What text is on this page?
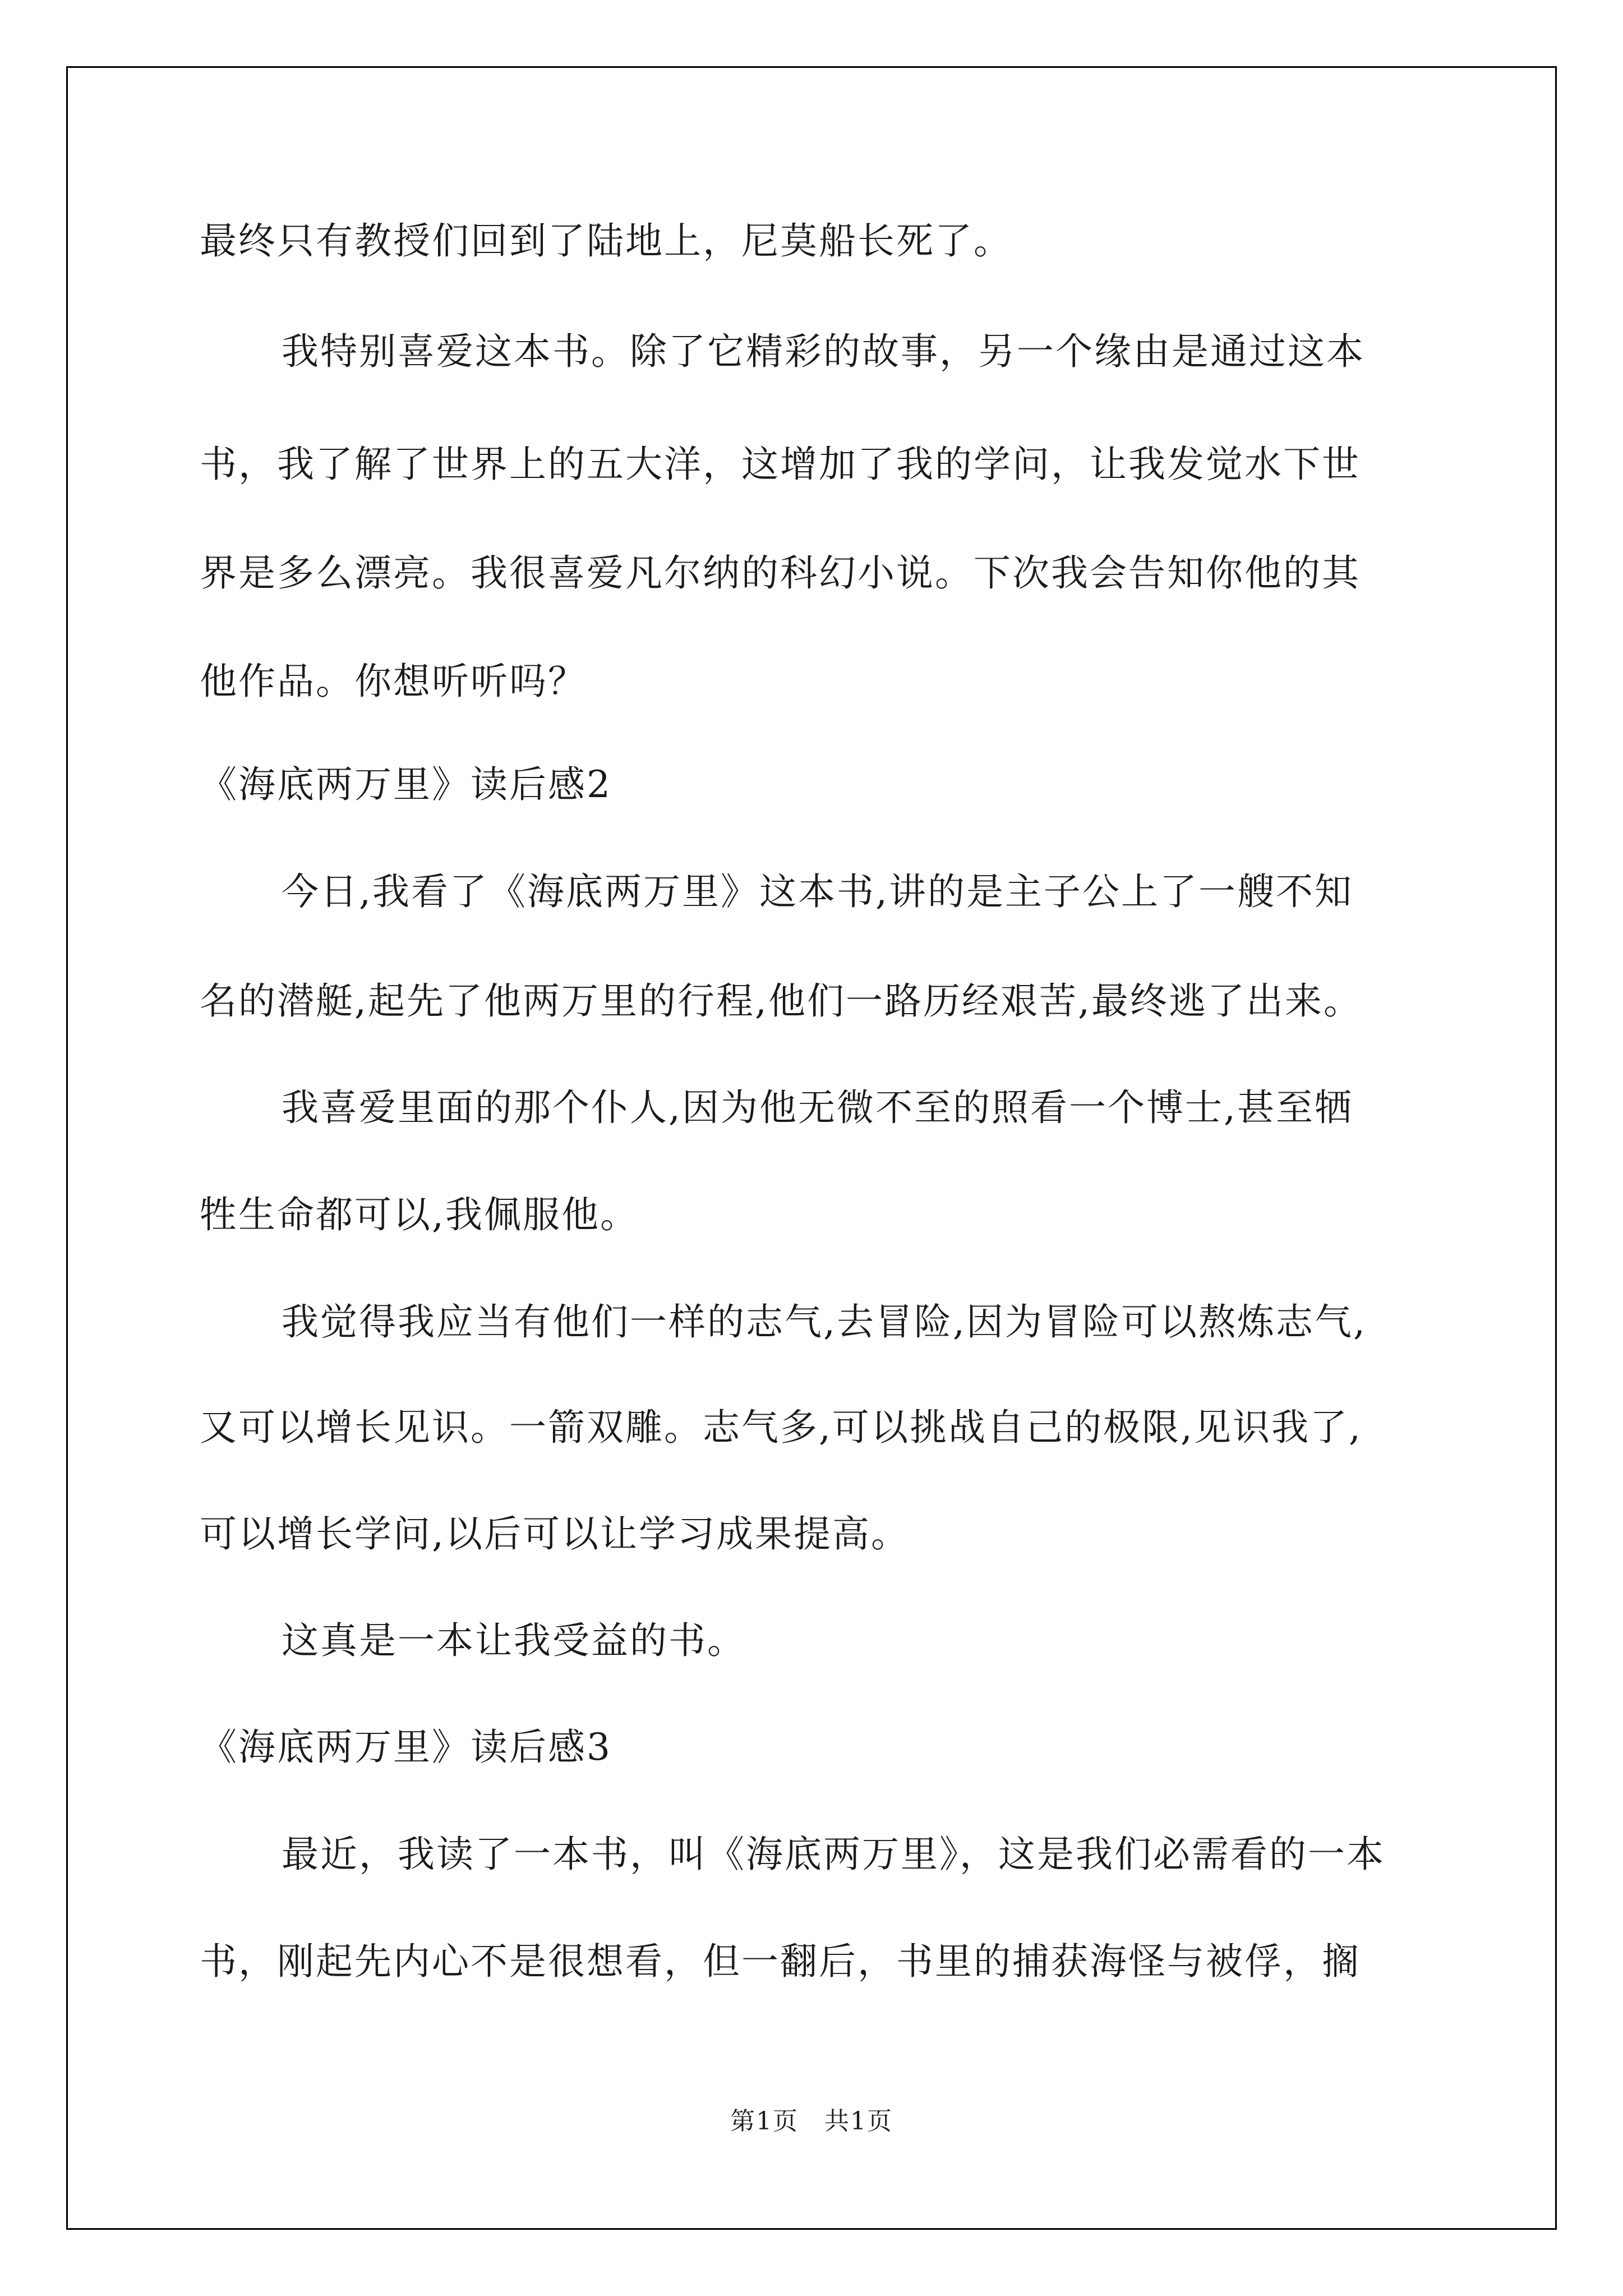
最终只有教授们回到了陆地上，尼莫船长死了。
我特别喜爱这本书。除了它精彩的故事，另一个缘由是通过这本
书，我了解了世界上的五大洋，这增加了我的学问，让我发觉水下世
界是多么漂亮。我很喜爱凡尔纳的科幻小说。下次我会告知你他的其
他作品。你想听听吗？
《海底两万里》读后感2
今日,我看了《海底两万里》这本书,讲的是主子公上了一艘不知
名的潜艇,起先了他两万里的行程,他们一路历经艰苦,最终逃了出来。
我喜爱里面的那个仆人,因为他无微不至的照看一个博士,甚至牺
牲生命都可以,我佩服他。
我觉得我应当有他们一样的志气,去冒险,因为冒险可以熬炼志气,
又可以增长见识。一箭双雕。志气多,可以挑战自己的极限,见识我了,
可以增长学问,以后可以让学习成果提高。
这真是一本让我受益的书。
《海底两万里》读后感3
最近，我读了一本书，叫《海底两万里》，这是我们必需看的一本
书，刚起先内心不是很想看，但一翻后，书里的捕获海怪与被俘，搁
第1页　共1页
